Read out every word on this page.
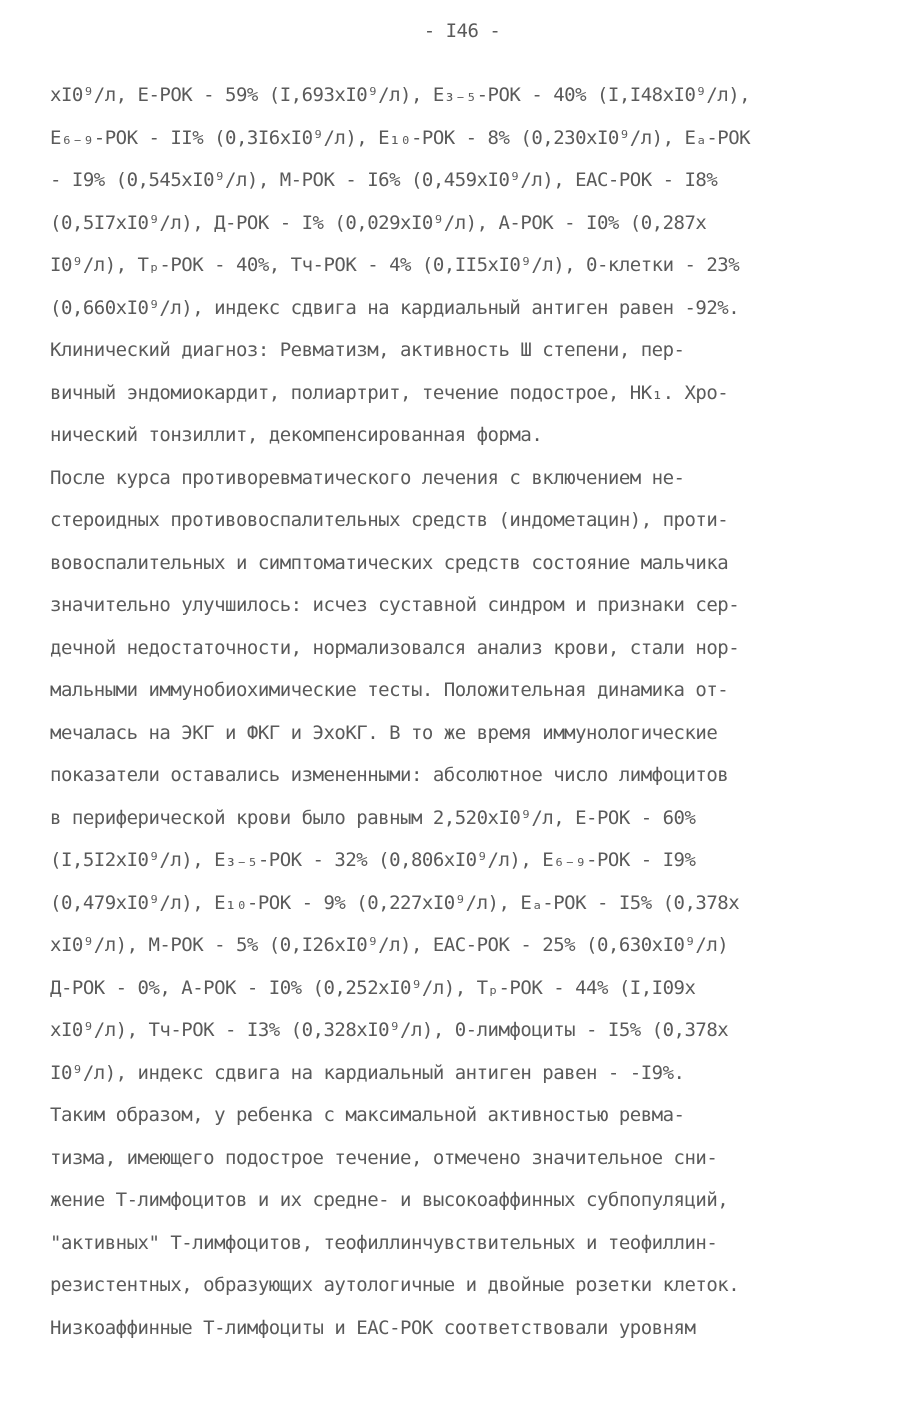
- I46 -
xI0⁹/л, Е-РОК - 59% (I,693xI0⁹/л), Е₃₋₅-РОК - 40% (I,I48xI0⁹/л),
Е₆₋₉-РОК - II% (0,3I6xI0⁹/л), Е₁₀-РОК - 8% (0,230xI0⁹/л), Еₐ-РОК
- I9% (0,545xI0⁹/л), М-РОК - I6% (0,459xI0⁹/л), ЕАС-РОК - I8%
(0,5I7xI0⁹/л), Д-РОК - I% (0,029xI0⁹/л), А-РОК - I0% (0,287x
I0⁹/л), Тₚ-РОК - 40%, Тч-РОК - 4% (0,II5xI0⁹/л), 0-клетки - 23%
(0,660xI0⁹/л), индекс сдвига на кардиальный антиген равен -92%.
Клинический диагноз: Ревматизм, активность Ш степени, пер-
вичный эндомиокардит, полиартрит, течение подострое, НК₁. Хро-
нический тонзиллит, декомпенсированная форма.
После курса противоревматического лечения с включением не-
стероидных противовоспалительных средств (индометацин), проти-
вовоспалительных и симптоматических средств состояние мальчика
значительно улучшилось: исчез суставной синдром и признаки сер-
дечной недостаточности, нормализовался анализ крови, стали нор-
мальными иммунобиохимические тесты. Положительная динамика от-
мечалась на ЭКГ и ФКГ и ЭхоКГ. В то же время иммунологические
показатели оставались измененными: абсолютное число лимфоцитов
в периферической крови было равным 2,520xI0⁹/л, Е-РОК - 60%
(I,5I2xI0⁹/л), Е₃₋₅-РОК - 32% (0,806xI0⁹/л), Е₆₋₉-РОК - I9%
(0,479xI0⁹/л), Е₁₀-РОК - 9% (0,227xI0⁹/л), Еₐ-РОК - I5% (0,378x
xI0⁹/л), М-РОК - 5% (0,I26xI0⁹/л), ЕАС-РОК - 25% (0,630xI0⁹/л)
Д-РОК - 0%, А-РОК - I0% (0,252xI0⁹/л), Тₚ-РОК - 44% (I,I09x
xI0⁹/л), Тч-РОК - I3% (0,328xI0⁹/л), 0-лимфоциты - I5% (0,378x
I0⁹/л), индекс сдвига на кардиальный антиген равен - -I9%.
Таким образом, у ребенка с максимальной активностью ревма-
тизма, имеющего подострое течение, отмечено значительное сни-
жение Т-лимфоцитов и их средне- и высокоаффинных субпопуляций,
"активных" Т-лимфоцитов, теофиллинчувствительных и теофиллин-
резистентных, образующих аутологичные и двойные розетки клеток.
Низкоаффинные Т-лимфоциты и ЕАС-РОК соответствовали уровням
